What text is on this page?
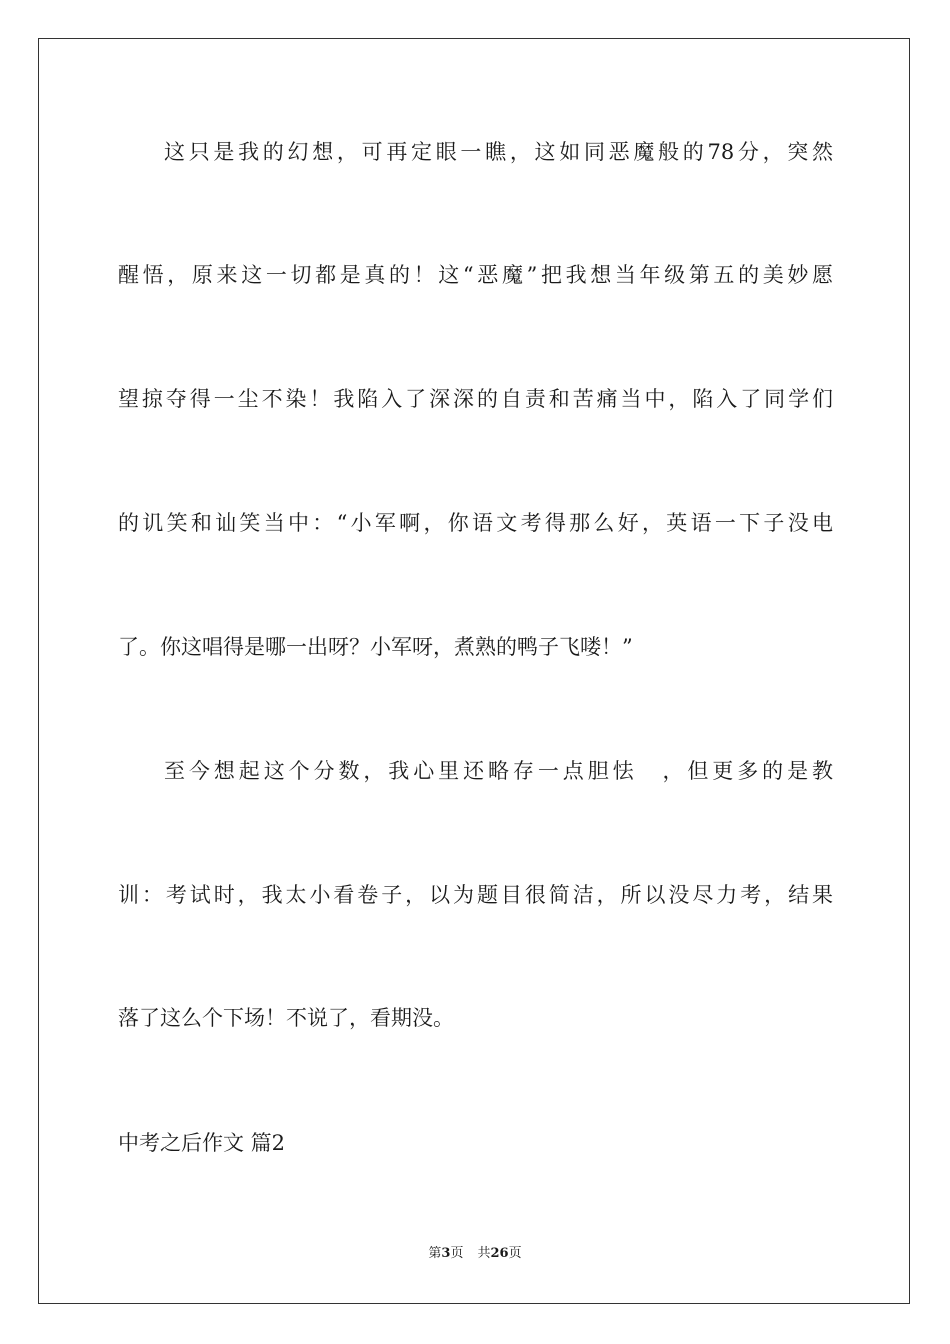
这只是我的幻想，可再定眼一瞧，这如同恶魔般的78分，突然
醒悟，原来这一切都是真的！这“恶魔”把我想当年级第五的美妙愿
望掠夺得一尘不染！我陷入了深深的自责和苦痛当中，陷入了同学们
的讥笑和讪笑当中：“小军啊，你语文考得那么好，英语一下子没电
了。你这唱得是哪一出呀？小军呀，煮熟的鸭子飞喽！”
至今想起这个分数，我心里还略存一点胆怯　，但更多的是教
训：考试时，我太小看卷子，以为题目很简洁，所以没尽力考，结果
落了这么个下场！不说了，看期没。
中考之后作文 篇2
第3页 共26页
